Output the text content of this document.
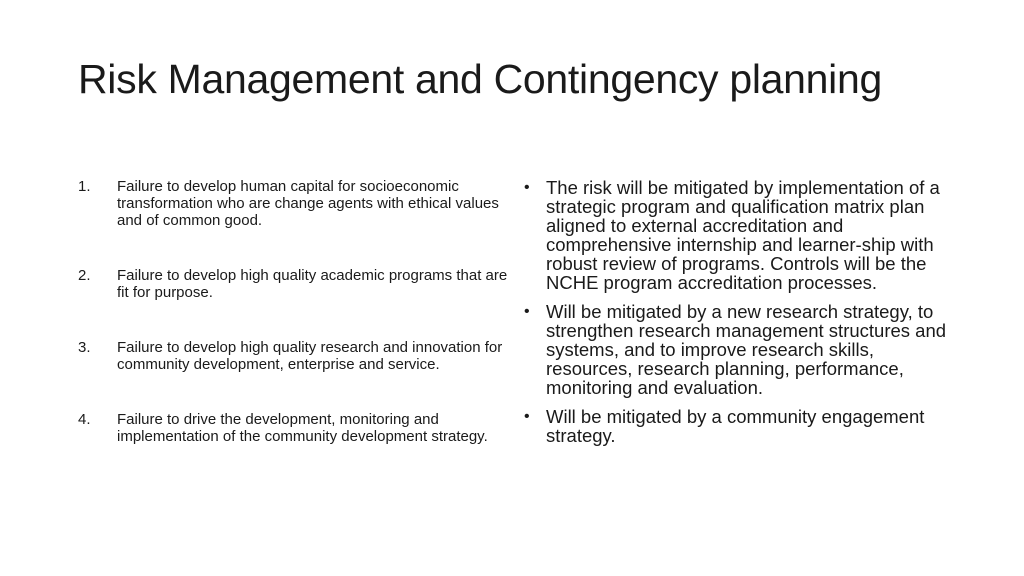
Risk Management and Contingency planning
1.	Failure to develop human capital for socioeconomic transformation who are change agents with ethical values and of common good.
2.	Failure to develop high quality academic programs that are fit for purpose.
3.	Failure to develop high quality research and innovation for community development, enterprise and service.
4.	Failure to drive the development, monitoring and implementation of the community development strategy.
• The risk will be mitigated by implementation of a strategic program and qualification matrix plan aligned to external accreditation and comprehensive internship and learner-ship with robust review of programs. Controls will be the NCHE program accreditation processes.
• Will be mitigated by a new research strategy, to strengthen research management structures and systems, and to improve research skills, resources, research planning, performance, monitoring and evaluation.
• Will be mitigated by a community engagement strategy.
